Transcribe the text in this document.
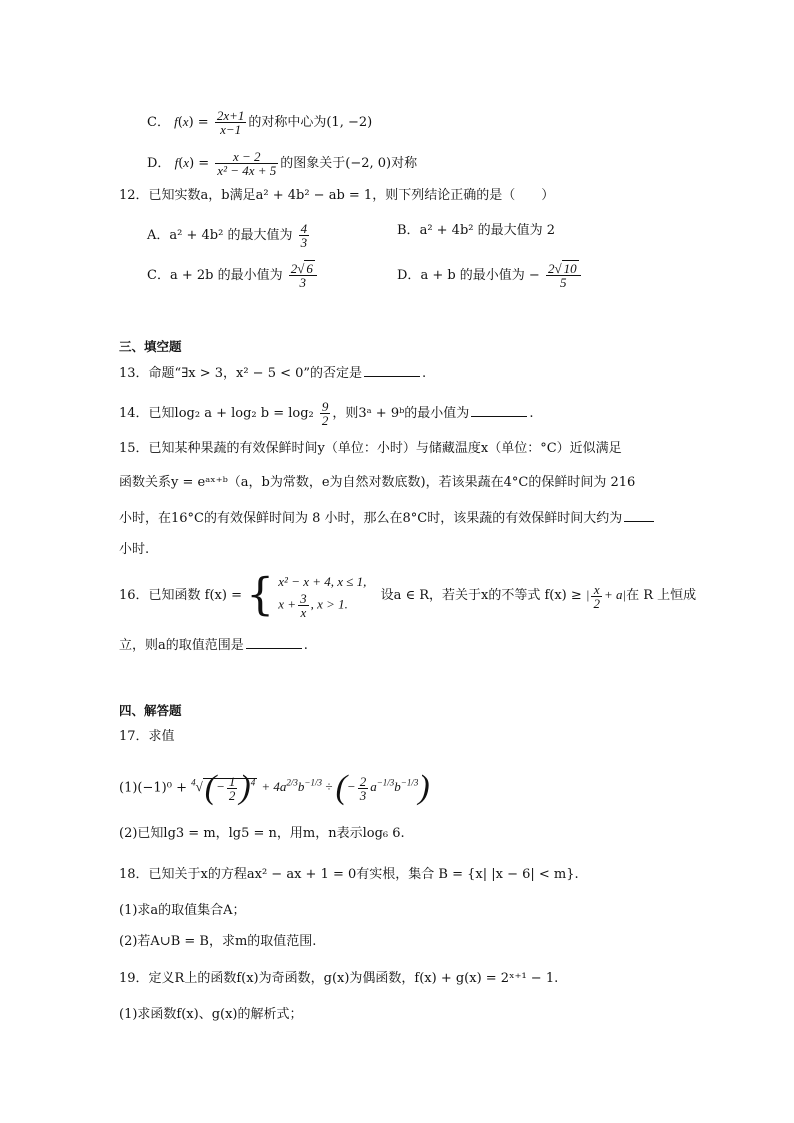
C． $f(x) = \frac{2x+1}{x-1}$ 的对称中心为(1, −2)
D． $f(x) = \frac{x - 2}{\text{x² − 4x + 5}}$ 的图象关于(−2, 0)对称
12．已知实数a，b满足a² + 4b² − ab = 1，则下列结论正确的是（　　）
A．a² + 4b² 的最大值为 $\frac{4}{3}$	B．a² + 4b² 的最大值为 2
C．a + 2b 的最小值为 $\frac{2√ 6}{3}$	D．a + b 的最小值为 − $\frac{2√ 10}{5}$
三、填空题
13．命题“∃x > 3，x² − 5 < 0”的否定是	.
14．已知log₂ a + log₂ $b = \log_2 \frac{9}{2}$ ，则3ᵃ + 9ᵇ的最小值为	.
15．已知某种果蔬的有效保鲜时间y（单位：小时）与储藏温度x（单位：°C）近似满足
函数关系y = eᵃˣ⁺ᵇ（a，b为常数，e为自然对数底数)，若该果蔬在4°C的保鲜时间为 216
小时，在16°C的有效保鲜时间为 8 小时，那么在8°C时，该果蔬的有效保鲜时间大约为
小时.
16．已知函数 f(x) = { x² − x + 4, x ≤ 1,
$x + \frac{3}{x}$ , x > 1.
设a ∈ R，若关于x的不等式 f(x) ≥ | $\frac{x}{2} + a|$在 R 上恒成
立，则a的取值范围是	.
四、解答题
17．求值
$(1)(-1)^0 + ^4√(- \frac{1}{2} )^4 + 4a^{2/3}b^{-1/3}$ ÷ (− $\frac{2}{3} a^{-1/3}b^{-1/3}$)
(2)已知lg3 = m，lg5 = n，用m，n表示log₆ 6.
18．已知关于x的方程ax² − ax + 1 = 0有实根，集合 B = {x| |x − 6| < m}.
(1)求a的取值集合A；
(2)若A∪B = B，求m的取值范围.
19．定义R上的函数f(x)为奇函数，g(x)为偶函数，f(x) + g(x) = 2ˣ⁺¹ − 1.
(1)求函数f(x)、g(x)的解析式；
